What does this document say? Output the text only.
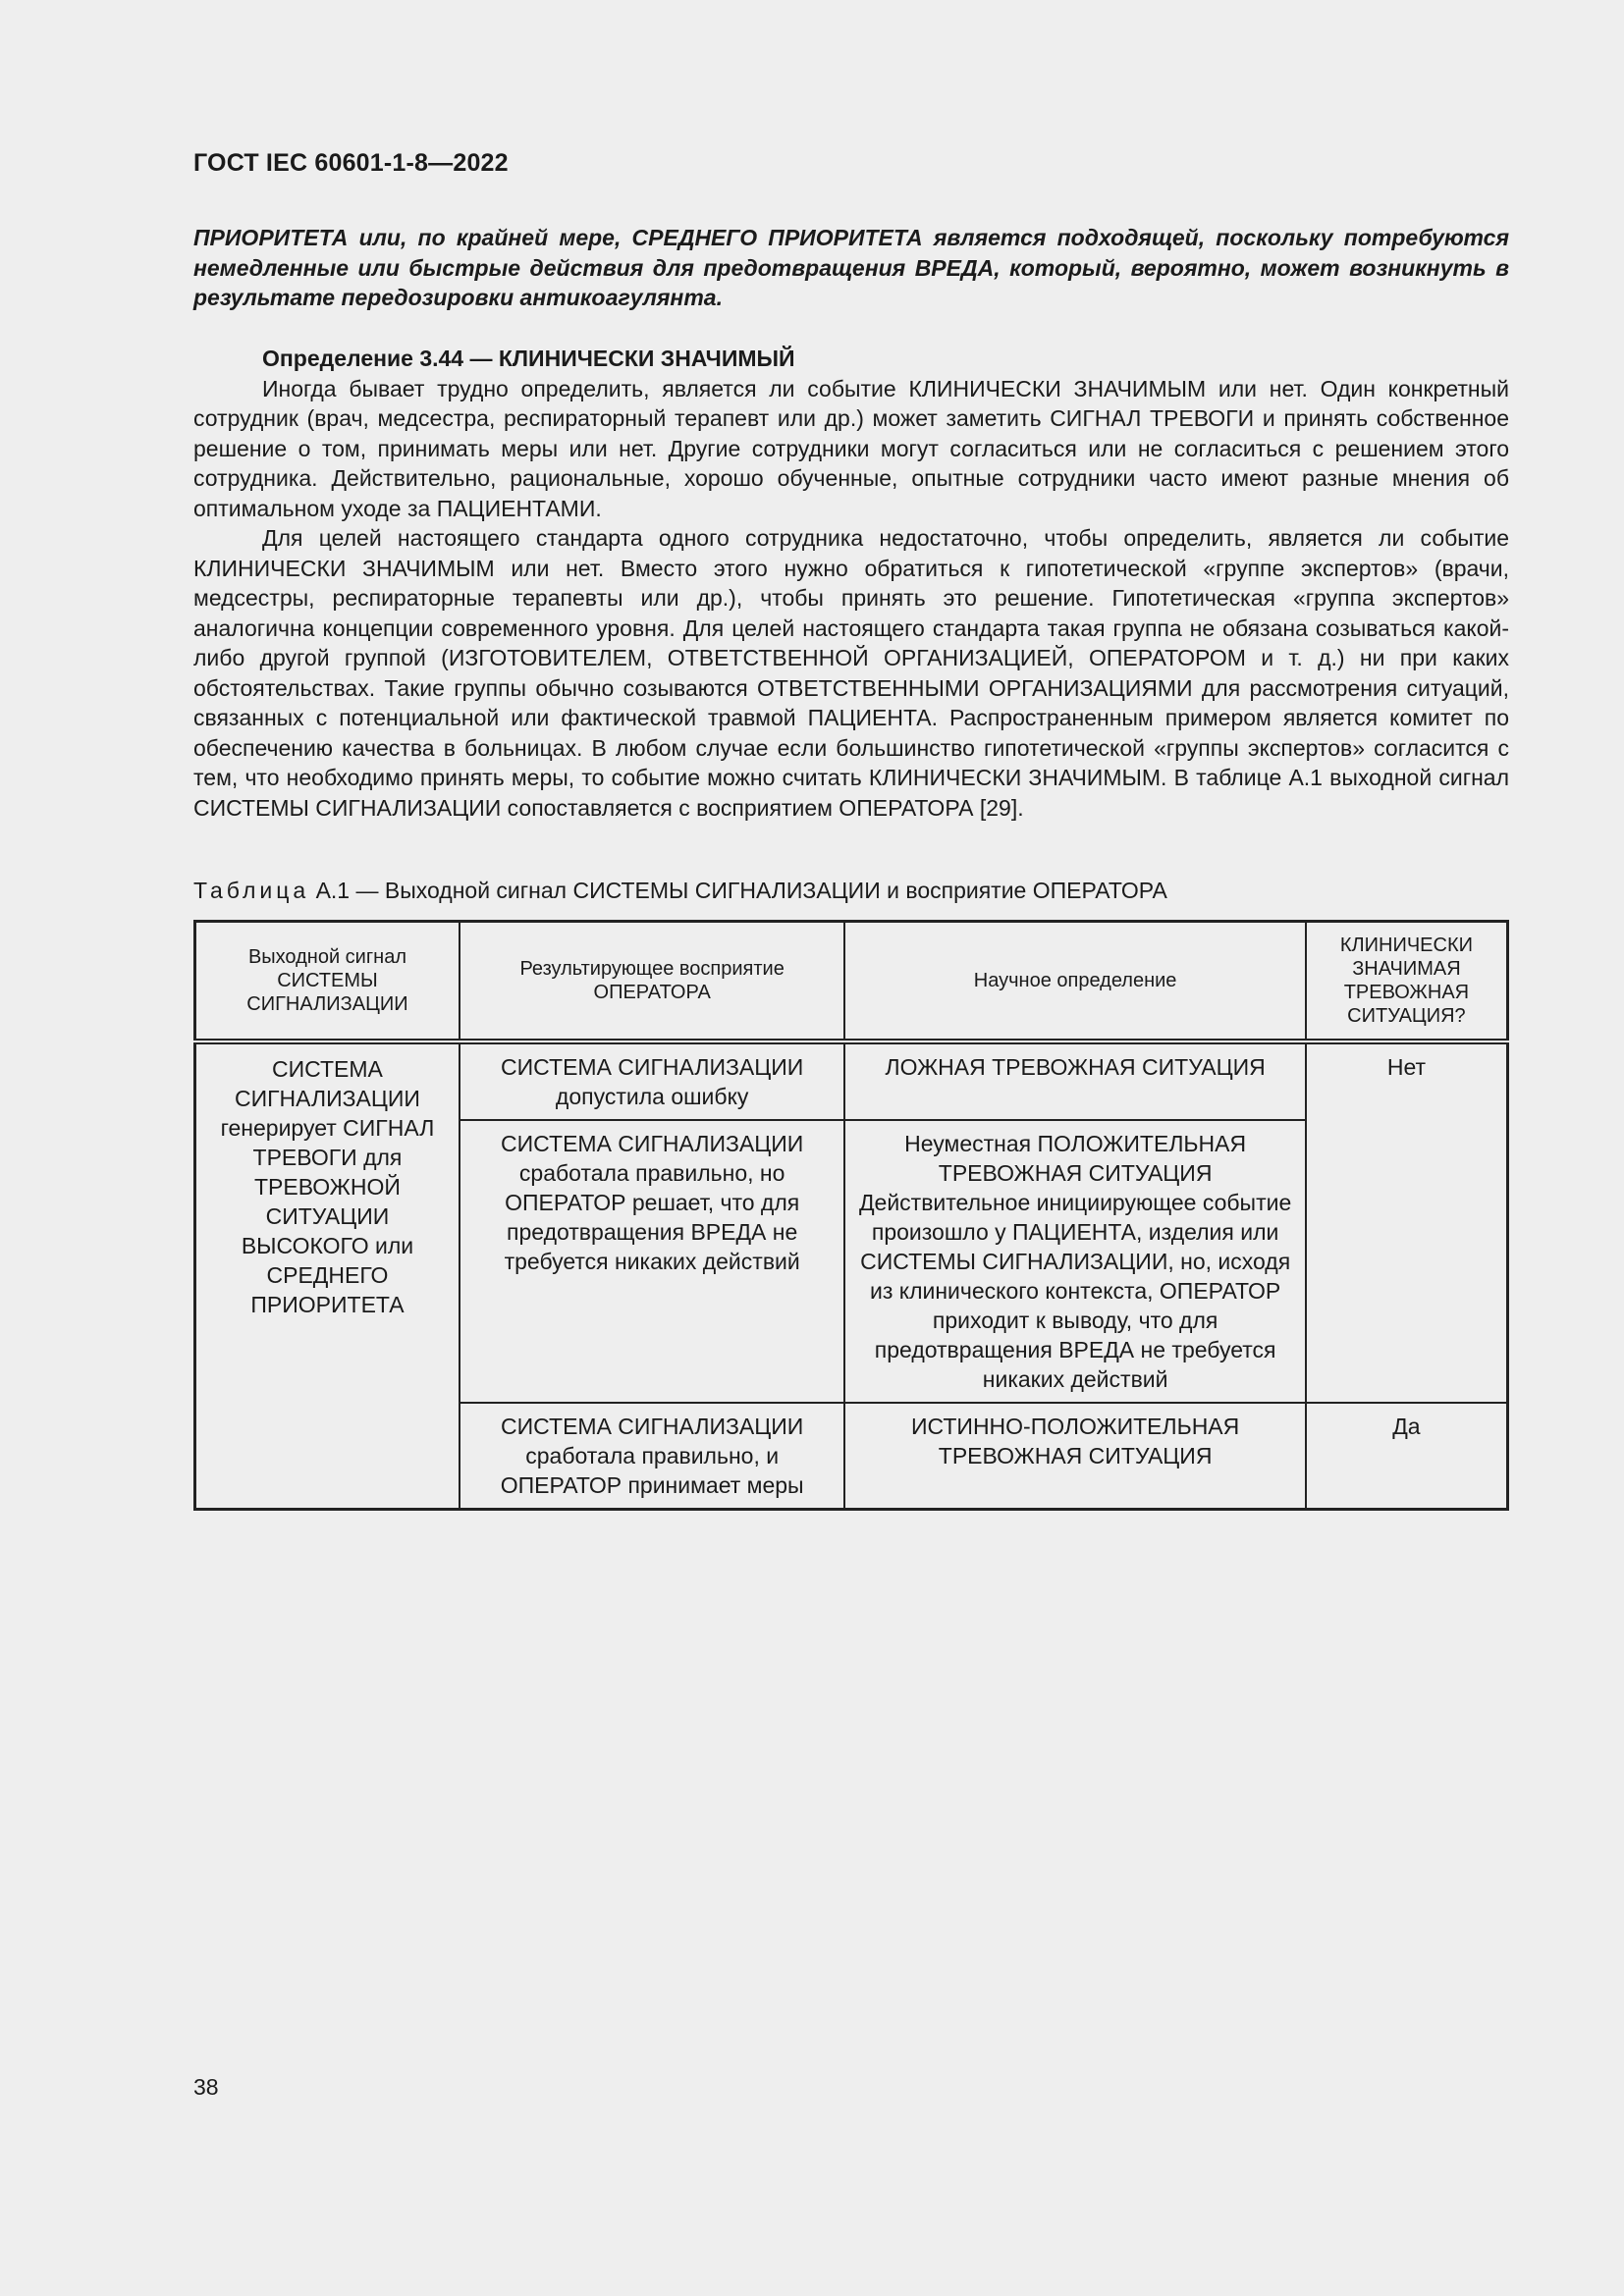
ГОСТ IEC 60601-1-8—2022
ПРИОРИТЕТА или, по крайней мере, СРЕДНЕГО ПРИОРИТЕТА является подходящей, поскольку потребуются немедленные или быстрые действия для предотвращения ВРЕДА, который, вероятно, может возникнуть в результате передозировки антикоагулянта.
Определение 3.44 — КЛИНИЧЕСКИ ЗНАЧИМЫЙ

Иногда бывает трудно определить, является ли событие КЛИНИЧЕСКИ ЗНАЧИМЫМ или нет. Один конкретный сотрудник (врач, медсестра, респираторный терапевт или др.) может заметить СИГНАЛ ТРЕВОГИ и принять собственное решение о том, принимать меры или нет. Другие сотрудники могут согласиться или не согласиться с решением этого сотрудника. Действительно, рациональные, хорошо обученные, опытные сотрудники часто имеют разные мнения об оптимальном уходе за ПАЦИЕНТАМИ.

Для целей настоящего стандарта одного сотрудника недостаточно, чтобы определить, является ли событие КЛИНИЧЕСКИ ЗНАЧИМЫМ или нет. Вместо этого нужно обратиться к гипотетической «группе экспертов» (врачи, медсестры, респираторные терапевты или др.), чтобы принять это решение. Гипотетическая «группа экспертов» аналогична концепции современного уровня. Для целей настоящего стандарта такая группа не обязана созываться какой-либо другой группой (ИЗГОТОВИТЕЛЕМ, ОТВЕТСТВЕННОЙ ОРГАНИЗАЦИЕЙ, ОПЕРАТОРОМ и т. д.) ни при каких обстоятельствах. Такие группы обычно созываются ОТВЕТСТВЕННЫМИ ОРГАНИЗАЦИЯМИ для рассмотрения ситуаций, связанных с потенциальной или фактической травмой ПАЦИЕНТА. Распространенным примером является комитет по обеспечению качества в больницах. В любом случае если большинство гипотетической «группы экспертов» согласится с тем, что необходимо принять меры, то событие можно считать КЛИНИЧЕСКИ ЗНАЧИМЫМ. В таблице А.1 выходной сигнал СИСТЕМЫ СИГНАЛИЗАЦИИ сопоставляется с восприятием ОПЕРАТОРА [29].

Таблица А.1 — Выходной сигнал СИСТЕМЫ СИГНАЛИЗАЦИИ и восприятие ОПЕРАТОРА
Выходной сигнал СИСТЕМЫ СИГНАЛИЗАЦИИ	Результирующее восприятие ОПЕРАТОРА	Научное определение	КЛИНИЧЕСКИ ЗНАЧИМАЯ ТРЕВОЖНАЯ СИТУАЦИЯ?
СИСТЕМА СИГНАЛИЗАЦИИ генерирует СИГНАЛ ТРЕВОГИ для ТРЕВОЖНОЙ СИТУАЦИИ ВЫСОКОГО или СРЕДНЕГО ПРИОРИТЕТА	СИСТЕМА СИГНАЛИЗАЦИИ допустила ошибку	ЛОЖНАЯ ТРЕВОЖНАЯ СИТУАЦИЯ	Нет
	СИСТЕМА СИГНАЛИЗАЦИИ сработала правильно, но ОПЕРАТОР решает, что для предотвращения ВРЕДА не требуется никаких действий	Неуместная ПОЛОЖИТЕЛЬНАЯ ТРЕВОЖНАЯ СИТУАЦИЯ Действительное инициирующее событие произошло у ПАЦИЕНТА, изделия или СИСТЕМЫ СИГНАЛИЗАЦИИ, но, исходя из клинического контекста, ОПЕРАТОР приходит к выводу, что для предотвращения ВРЕДА не требуется никаких действий	
	СИСТЕМА СИГНАЛИЗАЦИИ сработала правильно, и ОПЕРАТОР принимает меры	ИСТИННО-ПОЛОЖИТЕЛЬНАЯ ТРЕВОЖНАЯ СИТУАЦИЯ	Да
38
